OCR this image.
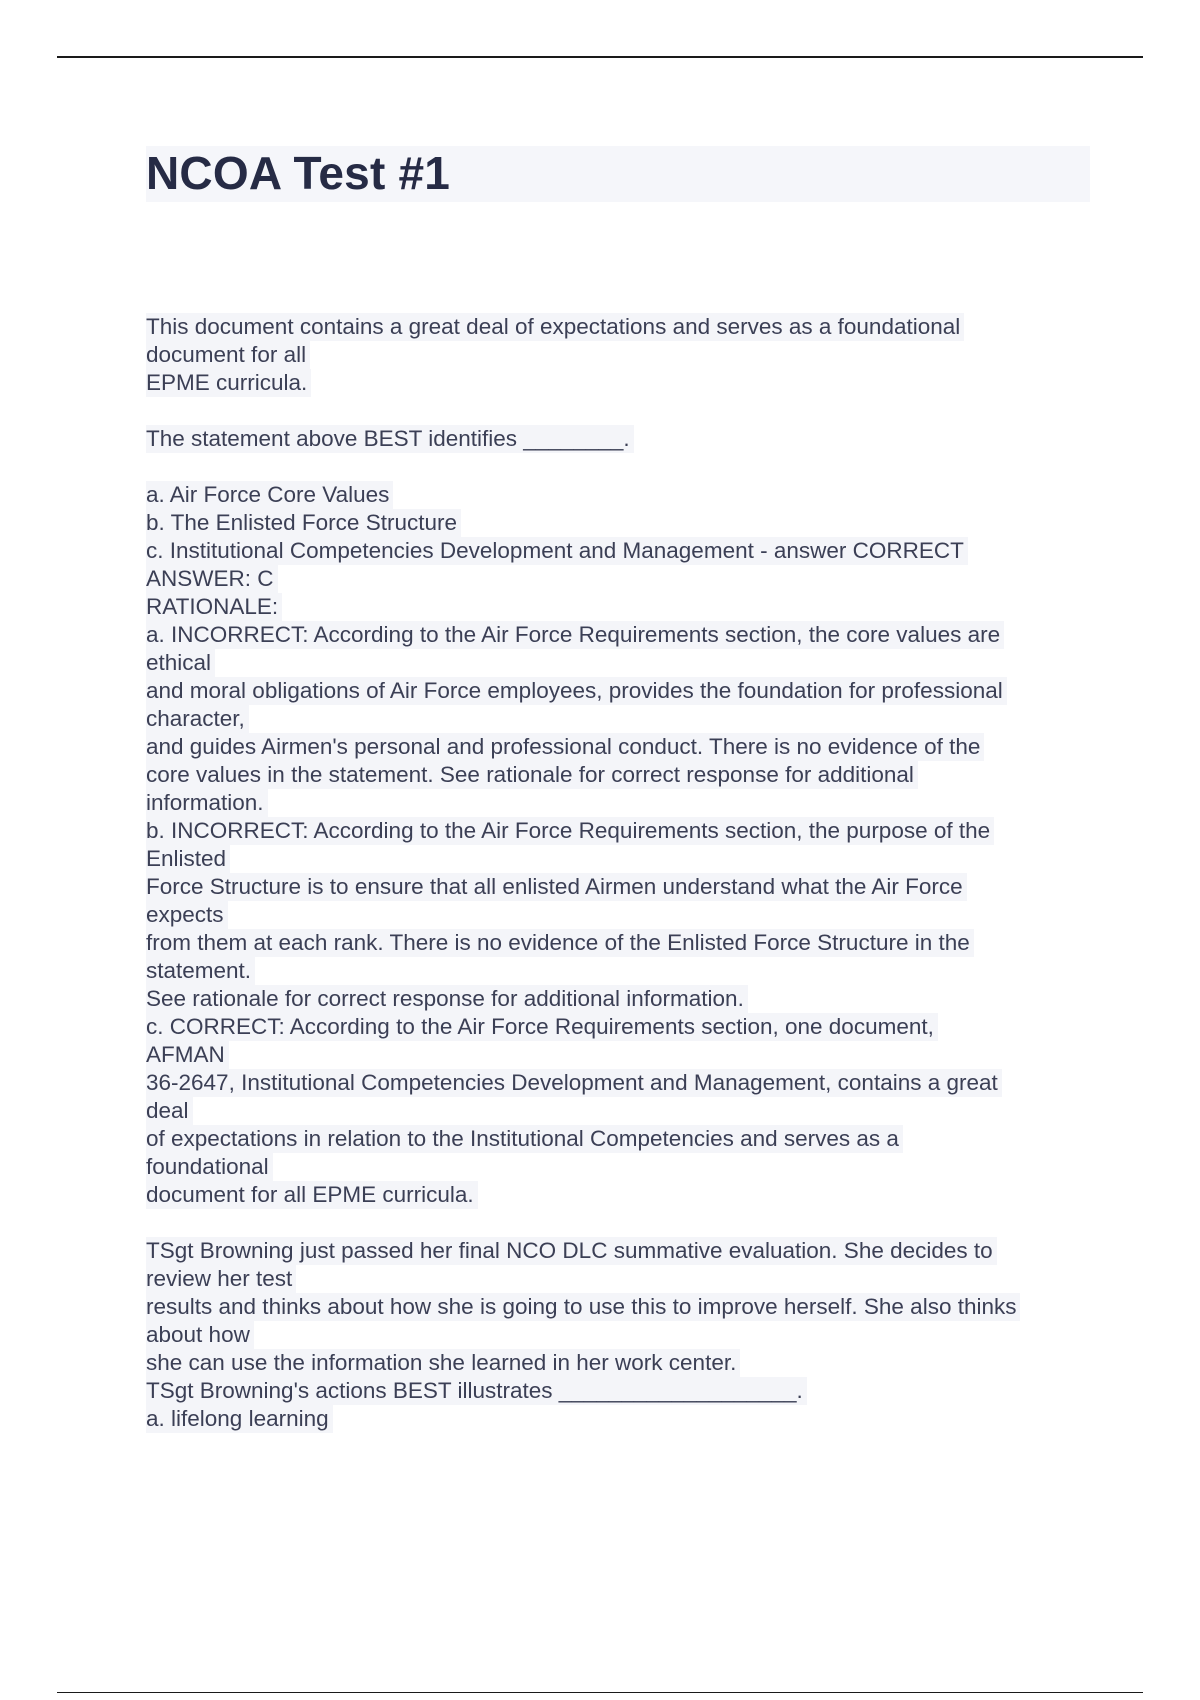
NCOA Test #1
This document contains a great deal of expectations and serves as a foundational
document for all
EPME curricula.
The statement above BEST identifies ________.
a. Air Force Core Values
b. The Enlisted Force Structure
c. Institutional Competencies Development and Management - answer CORRECT
ANSWER: C
RATIONALE:
a. INCORRECT: According to the Air Force Requirements section, the core values are
ethical
and moral obligations of Air Force employees, provides the foundation for professional
character,
and guides Airmen's personal and professional conduct. There is no evidence of the
core values in the statement. See rationale for correct response for additional
information.
b. INCORRECT: According to the Air Force Requirements section, the purpose of the
Enlisted
Force Structure is to ensure that all enlisted Airmen understand what the Air Force
expects
from them at each rank. There is no evidence of the Enlisted Force Structure in the
statement.
See rationale for correct response for additional information.
c. CORRECT: According to the Air Force Requirements section, one document,
AFMAN
36-2647, Institutional Competencies Development and Management, contains a great
deal
of expectations in relation to the Institutional Competencies and serves as a
foundational
document for all EPME curricula.
TSgt Browning just passed her final NCO DLC summative evaluation. She decides to
review her test
results and thinks about how she is going to use this to improve herself. She also thinks
about how
she can use the information she learned in her work center.
TSgt Browning's actions BEST illustrates ___________________.
a. lifelong learning
